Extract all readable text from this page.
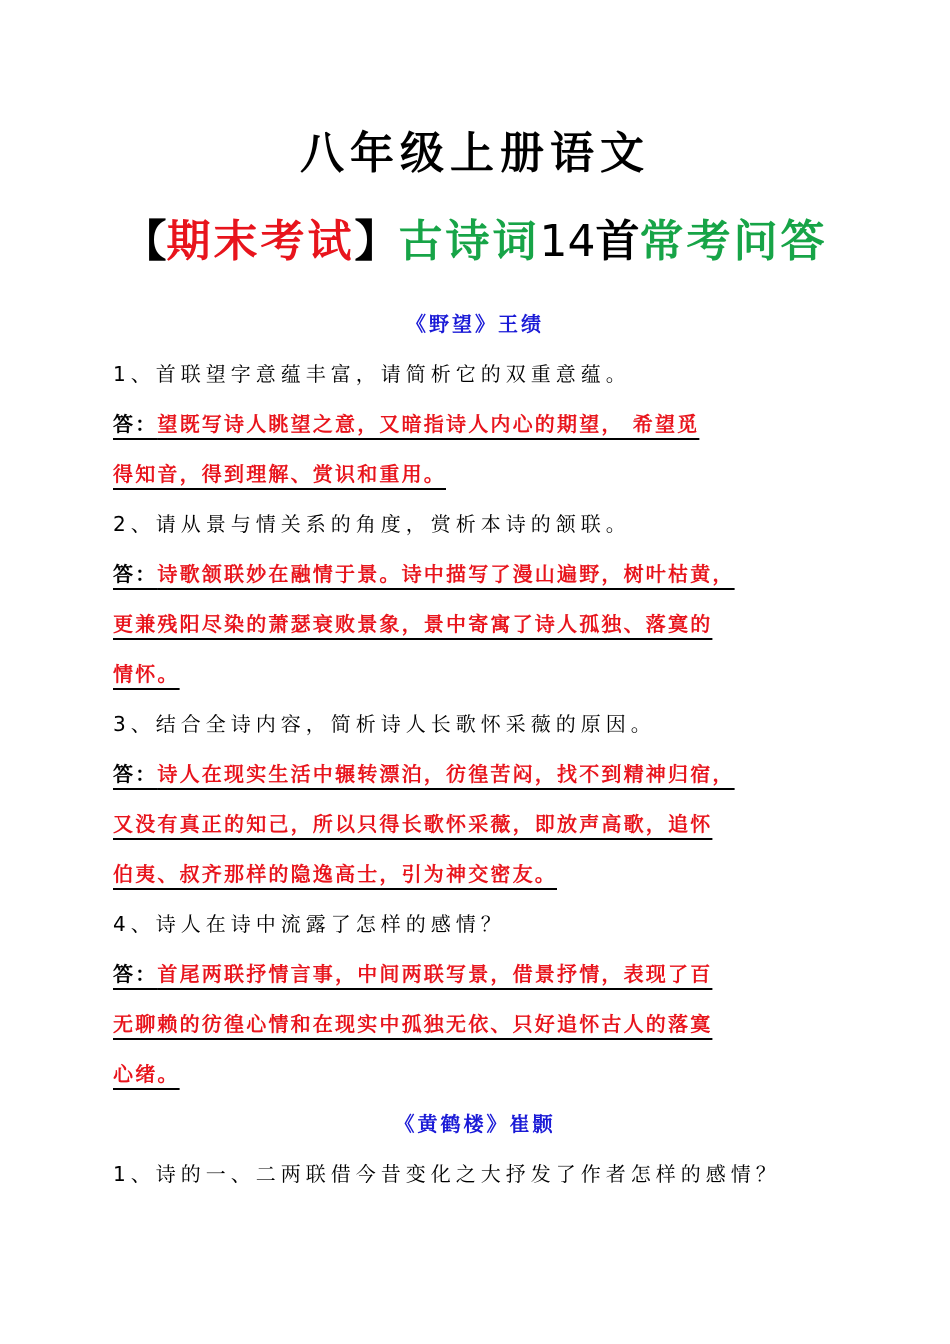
八年级上册语文
【期末考试】古诗词14首常考问答
《野望》王绩
1、首联望字意蕴丰富，请简析它的双重意蕴。
答：望既写诗人眺望之意，又暗指诗人内心的期望， 希望觅
得知音，得到理解、赏识和重用。
2、请从景与情关系的角度，赏析本诗的颔联。
答：诗歌颔联妙在融情于景。诗中描写了漫山遍野，树叶枯黄，
更兼残阳尽染的萧瑟衰败景象，景中寄寓了诗人孤独、落寞的
情怀。
3、结合全诗内容，简析诗人长歌怀采薇的原因。
答：诗人在现实生活中辗转漂泊，彷徨苦闷，找不到精神归宿，
又没有真正的知己，所以只得长歌怀采薇，即放声高歌，追怀
伯夷、叔齐那样的隐逸高士，引为神交密友。
4、诗人在诗中流露了怎样的感情？
答：首尾两联抒情言事，中间两联写景，借景抒情，表现了百
无聊赖的彷徨心情和在现实中孤独无依、只好追怀古人的落寞
心绪。
《黄鹤楼》崔颢
1、诗的一、二两联借今昔变化之大抒发了作者怎样的感情？
